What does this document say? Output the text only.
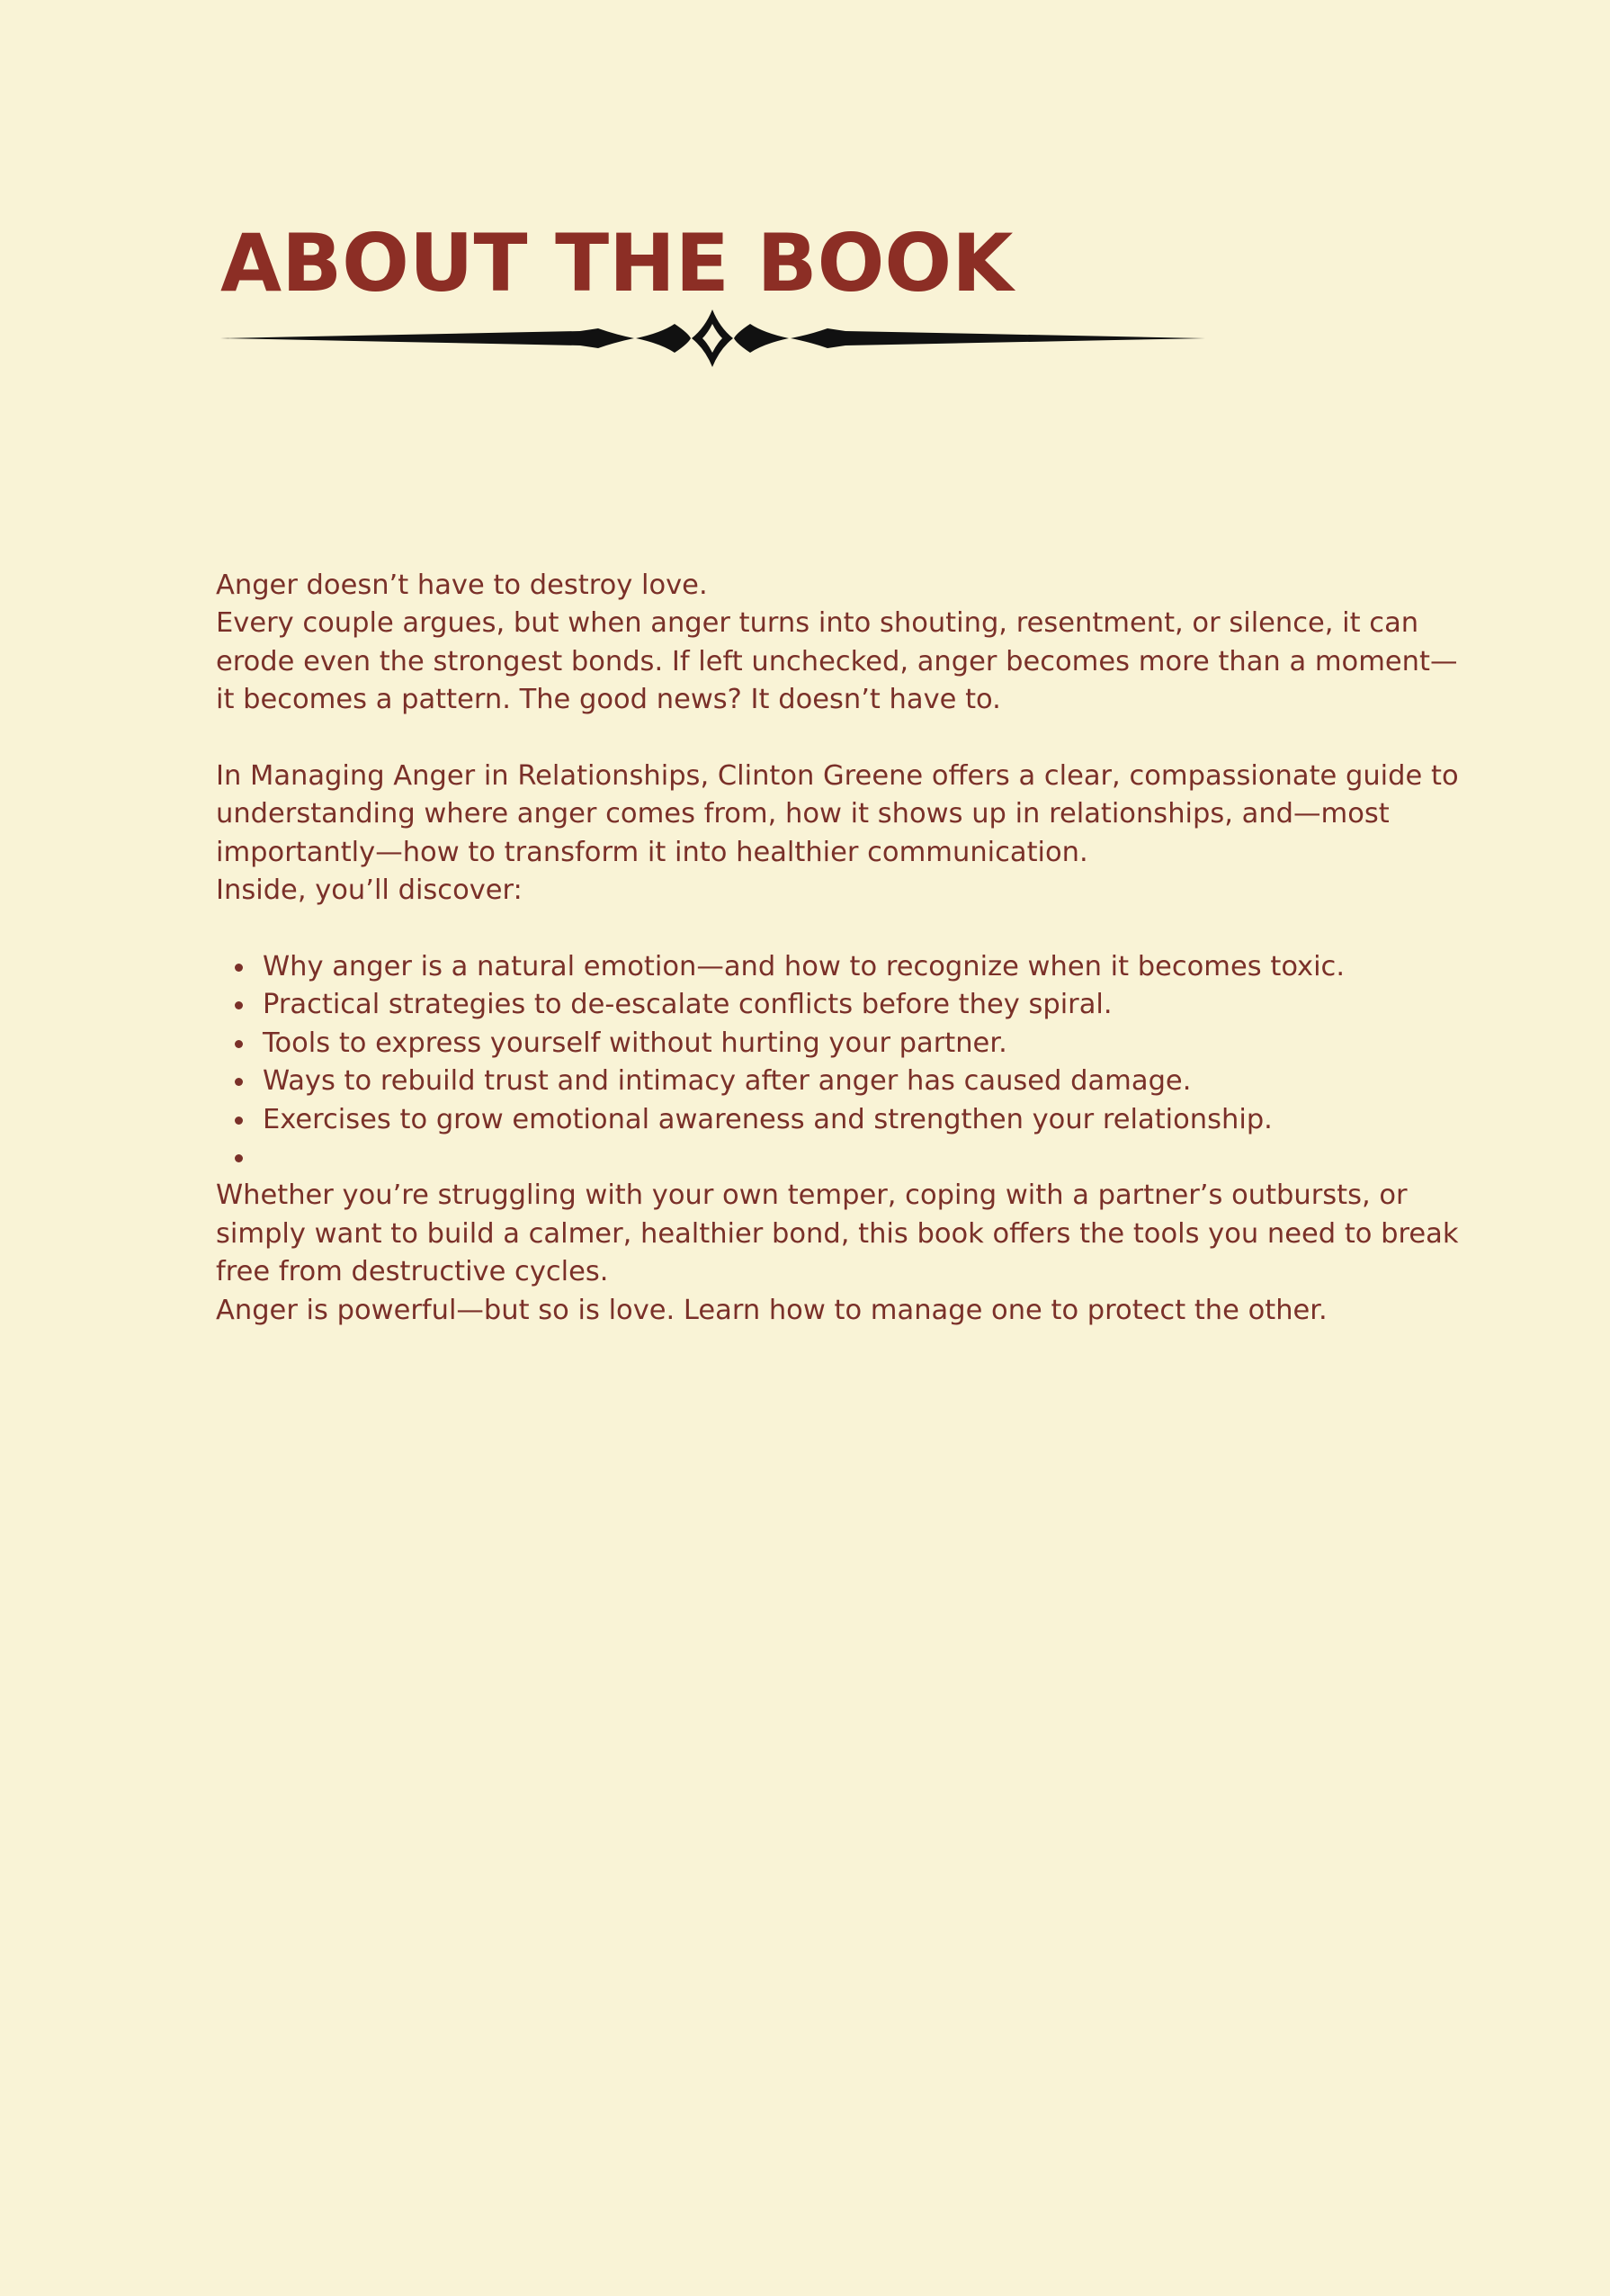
ABOUT THE BOOK

Anger doesn’t have to destroy love.

Every couple argues, but when anger turns into shouting, resentment, or silence, it can erode even the strongest bonds. If left unchecked, anger becomes more than a moment—it becomes a pattern. The good news? It doesn’t have to.

In Managing Anger in Relationships, Clinton Greene offers a clear, compassionate guide to understanding where anger comes from, how it shows up in relationships, and—most importantly—how to transform it into healthier communication.

Inside, you’ll discover:

Why anger is a natural emotion—and how to recognize when it becomes toxic.
Practical strategies to de-escalate conflicts before they spiral.
Tools to express yourself without hurting your partner.
Ways to rebuild trust and intimacy after anger has caused damage.
Exercises to grow emotional awareness and strengthen your relationship.

Whether you’re struggling with your own temper, coping with a partner’s outbursts, or simply want to build a calmer, healthier bond, this book offers the tools you need to break free from destructive cycles.

Anger is powerful—but so is love. Learn how to manage one to protect the other.
